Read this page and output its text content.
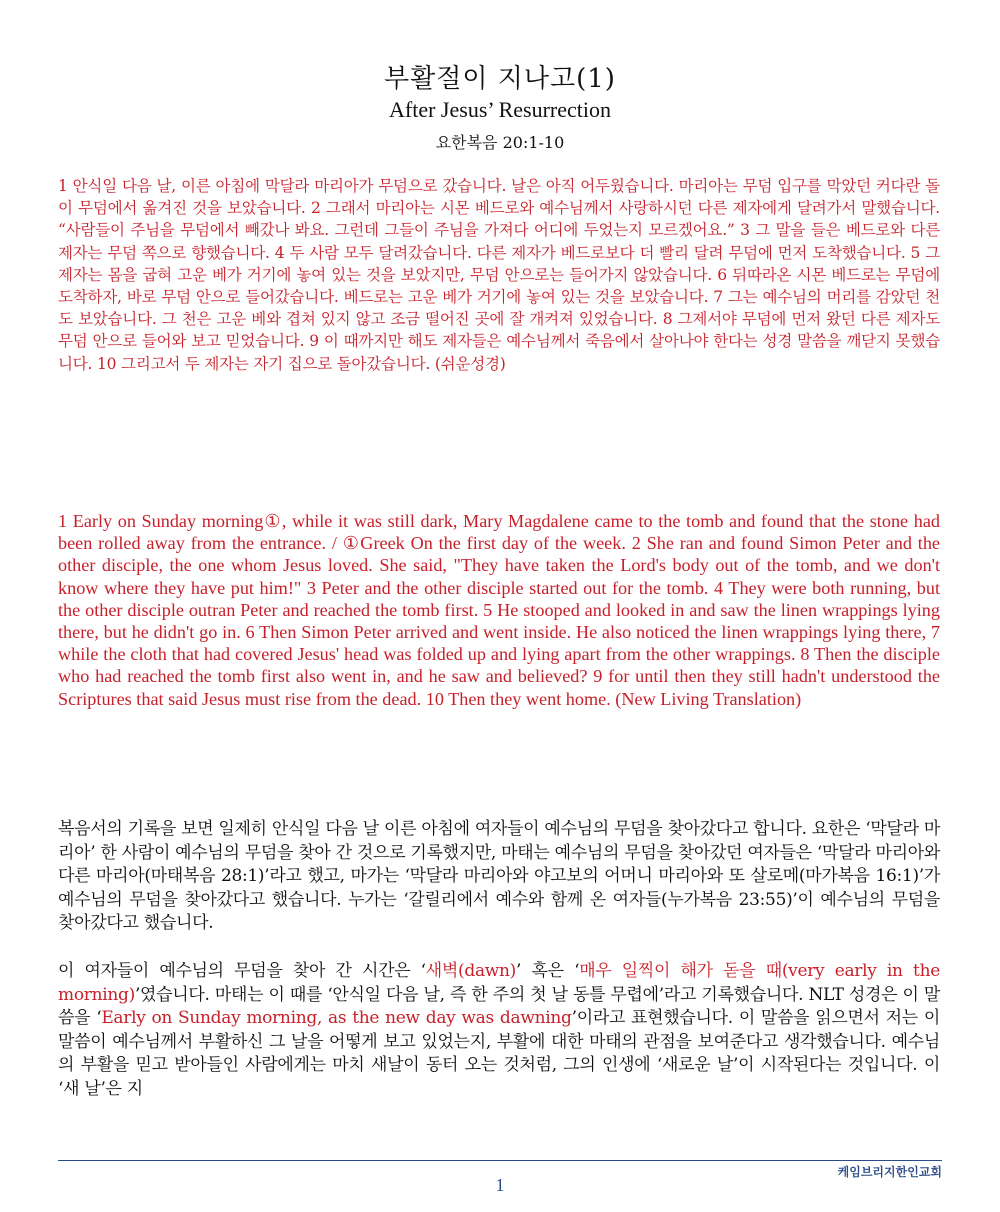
부활절이 지나고(1)
After Jesus’ Resurrection
요한복음 20:1-10

1 안식일 다음 날, 이른 아침에 막달라 마리아가 무덤으로 갔습니다. 날은 아직 어두웠습니다. 마리아는 무덤 입구를 막았던 커다란 돌이 무덤에서 옮겨진 것을 보았습니다. 2 그래서 마리아는 시몬 베드로와 예수님께서 사랑하시던 다른 제자에게 달려가서 말했습니다. “사람들이 주님을 무덤에서 빼갔나 봐요. 그런데 그들이 주님을 가져다 어디에 두었는지 모르겠어요.” 3 그 말을 들은 베드로와 다른 제자는 무덤 쪽으로 향했습니다. 4 두 사람 모두 달려갔습니다. 다른 제자가 베드로보다 더 빨리 달려 무덤에 먼저 도착했습니다. 5 그 제자는 몸을 굽혀 고운 베가 거기에 놓여 있는 것을 보았지만, 무덤 안으로는 들어가지 않았습니다. 6 뒤따라온 시몬 베드로는 무덤에 도착하자, 바로 무덤 안으로 들어갔습니다. 베드로는 고운 베가 거기에 놓여 있는 것을 보았습니다. 7 그는 예수님의 머리를 감았던 천도 보았습니다. 그 천은 고운 베와 겹쳐 있지 않고 조금 떨어진 곳에 잘 개켜져 있었습니다. 8 그제서야 무덤에 먼저 왔던 다른 제자도 무덤 안으로 들어와 보고 믿었습니다. 9 이 때까지만 해도 제자들은 예수님께서 죽음에서 살아나야 한다는 성경 말씀을 깨닫지 못했습니다. 10 그리고서 두 제자는 자기 집으로 돌아갔습니다. (쉬운성경)

1 Early on Sunday morning①, while it was still dark, Mary Magdalene came to the tomb and found that the stone had been rolled away from the entrance. / ①Greek On the first day of the week. 2 She ran and found Simon Peter and the other disciple, the one whom Jesus loved. She said, "They have taken the Lord's body out of the tomb, and we don't know where they have put him!" 3 Peter and the other disciple started out for the tomb. 4 They were both running, but the other disciple outran Peter and reached the tomb first. 5 He stooped and looked in and saw the linen wrappings lying there, but he didn't go in. 6 Then Simon Peter arrived and went inside. He also noticed the linen wrappings lying there, 7 while the cloth that had covered Jesus' head was folded up and lying apart from the other wrappings. 8 Then the disciple who had reached the tomb first also went in, and he saw and believed? 9 for until then they still hadn't understood the Scriptures that said Jesus must rise from the dead. 10 Then they went home. (New Living Translation)

복음서의 기록을 보면 일제히 안식일 다음 날 이른 아침에 여자들이 예수님의 무덤을 찾아갔다고 합니다. 요한은 ‘막달라 마리아’ 한 사람이 예수님의 무덤을 찾아 간 것으로 기록했지만, 마태는 예수님의 무덤을 찾아갔던 여자들은 ‘막달라 마리아와 다른 마리아(마태복음 28:1)’라고 했고, 마가는 ‘막달라 마리아와 야고보의 어머니 마리아와 또 살로메(마가복음 16:1)’가 예수님의 무덤을 찾아갔다고 했습니다. 누가는 ‘갈릴리에서 예수와 함께 온 여자들(누가복음 23:55)’이 예수님의 무덤을 찾아갔다고 했습니다.

이 여자들이 예수님의 무덤을 찾아 간 시간은 ‘새벽(dawn)’ 혹은 ‘매우 일찍이 해가 돋을 때(very early in the morning)’였습니다. 마태는 이 때를 ‘안식일 다음 날, 즉 한 주의 첫 날 동틀 무렵에’라고 기록했습니다. NLT 성경은 이 말씀을 ‘Early on Sunday morning, as the new day was dawning’이라고 표현했습니다. 이 말씀을 읽으면서 저는 이 말씀이 예수님께서 부활하신 그 날을 어떻게 보고 있었는지, 부활에 대한 마태의 관점을 보여준다고 생각했습니다. 예수님의 부활을 믿고 받아들인 사람에게는 마치 새날이 동터 오는 것처럼, 그의 인생에 ‘새로운 날’이 시작된다는 것입니다. 이 ‘새 날’은 지

케임브리지한인교회
1
